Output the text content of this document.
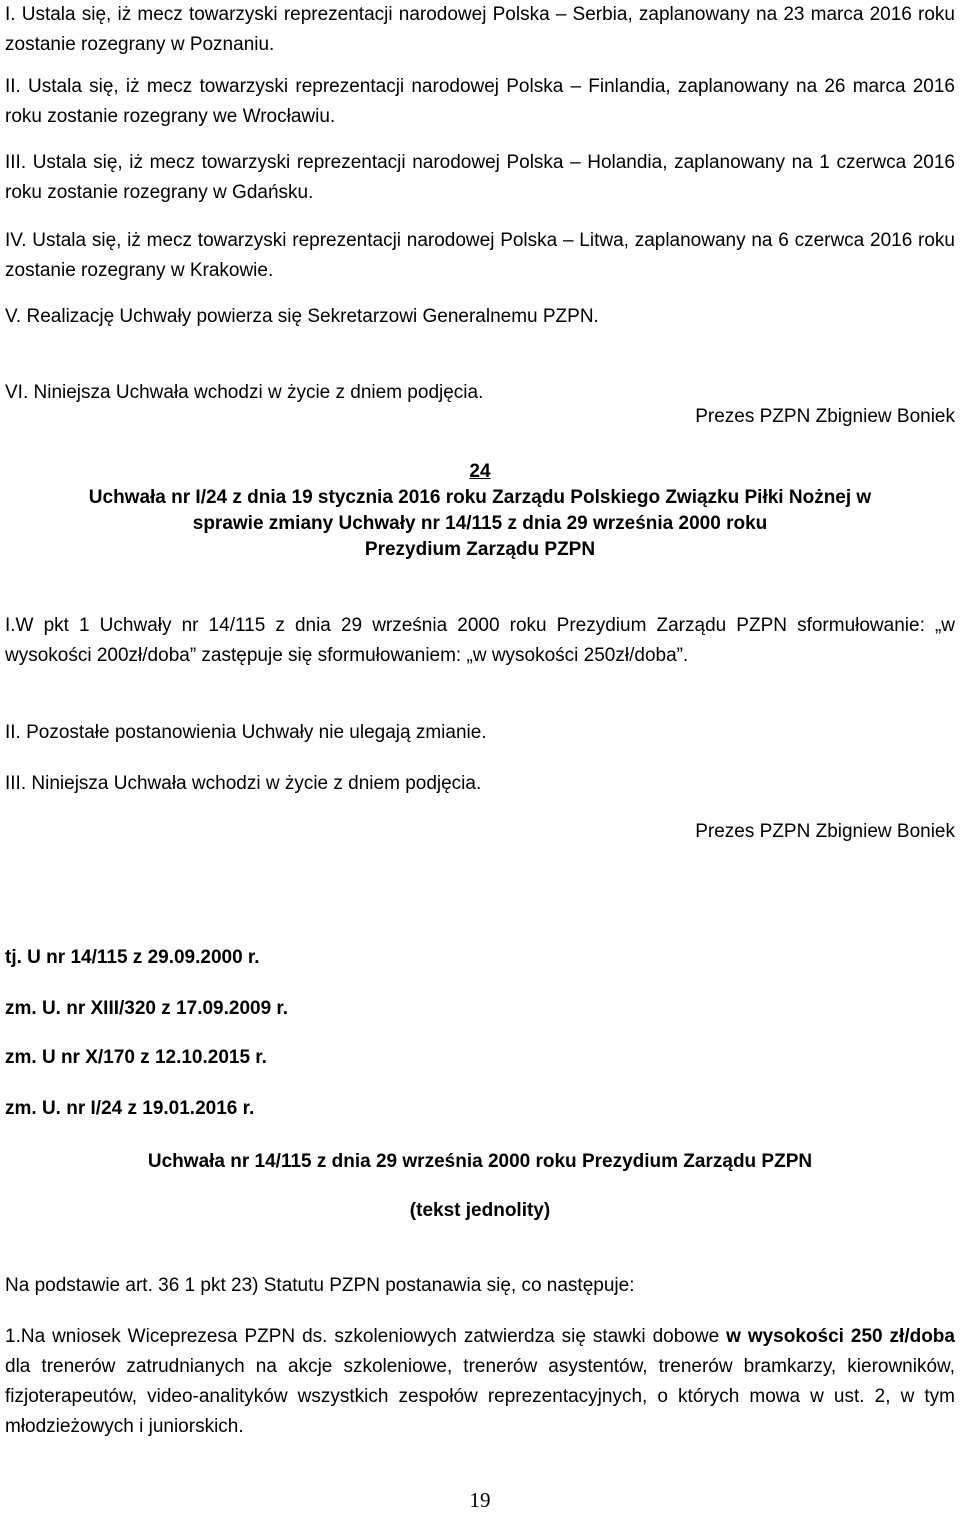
I. Ustala się, iż mecz towarzyski reprezentacji narodowej Polska – Serbia, zaplanowany na 23 marca 2016 roku zostanie rozegrany w Poznaniu.

II. Ustala się, iż mecz towarzyski reprezentacji narodowej Polska – Finlandia, zaplanowany na 26 marca 2016 roku zostanie rozegrany we Wrocławiu.

III. Ustala się, iż mecz towarzyski reprezentacji narodowej Polska – Holandia, zaplanowany na 1 czerwca 2016 roku zostanie rozegrany w Gdańsku.

IV. Ustala się, iż mecz towarzyski reprezentacji narodowej Polska – Litwa, zaplanowany na 6 czerwca 2016 roku zostanie rozegrany w Krakowie.

V. Realizację Uchwały powierza się Sekretarzowi Generalnemu PZPN.

VI. Niniejsza Uchwała wchodzi w życie z dniem podjęcia.

Prezes PZPN Zbigniew Boniek

24

Uchwała nr I/24 z dnia 19 stycznia 2016 roku Zarządu Polskiego Związku Piłki Nożnej w

sprawie zmiany Uchwały nr 14/115 z dnia 29 września 2000 roku

Prezydium Zarządu PZPN

I.W pkt 1 Uchwały nr 14/115 z dnia 29 września 2000 roku Prezydium Zarządu PZPN sformułowanie: „w wysokości 200zł/doba” zastępuje się sformułowaniem: „w wysokości 250zł/doba”.

II. Pozostałe postanowienia Uchwały nie ulegają zmianie.

III. Niniejsza Uchwała wchodzi w życie z dniem podjęcia.

Prezes PZPN Zbigniew Boniek

tj. U nr 14/115 z 29.09.2000 r.

zm. U. nr XIII/320 z 17.09.2009 r.

zm. U nr X/170 z 12.10.2015 r.

zm. U. nr I/24 z 19.01.2016 r.

Uchwała nr 14/115 z dnia 29 września 2000 roku Prezydium Zarządu PZPN

(tekst jednolity)

Na podstawie art. 36 1 pkt 23) Statutu PZPN postanawia się, co następuje:

1.Na wniosek Wiceprezesa PZPN ds. szkoleniowych zatwierdza się stawki dobowe w wysokości 250 zł/doba dla trenerów zatrudnianych na akcje szkoleniowe, trenerów asystentów, trenerów bramkarzy, kierowników, fizjoterapeutów, video-analityków wszystkich zespołów reprezentacyjnych, o których mowa w ust. 2, w tym młodzieżowych i juniorskich.

19
